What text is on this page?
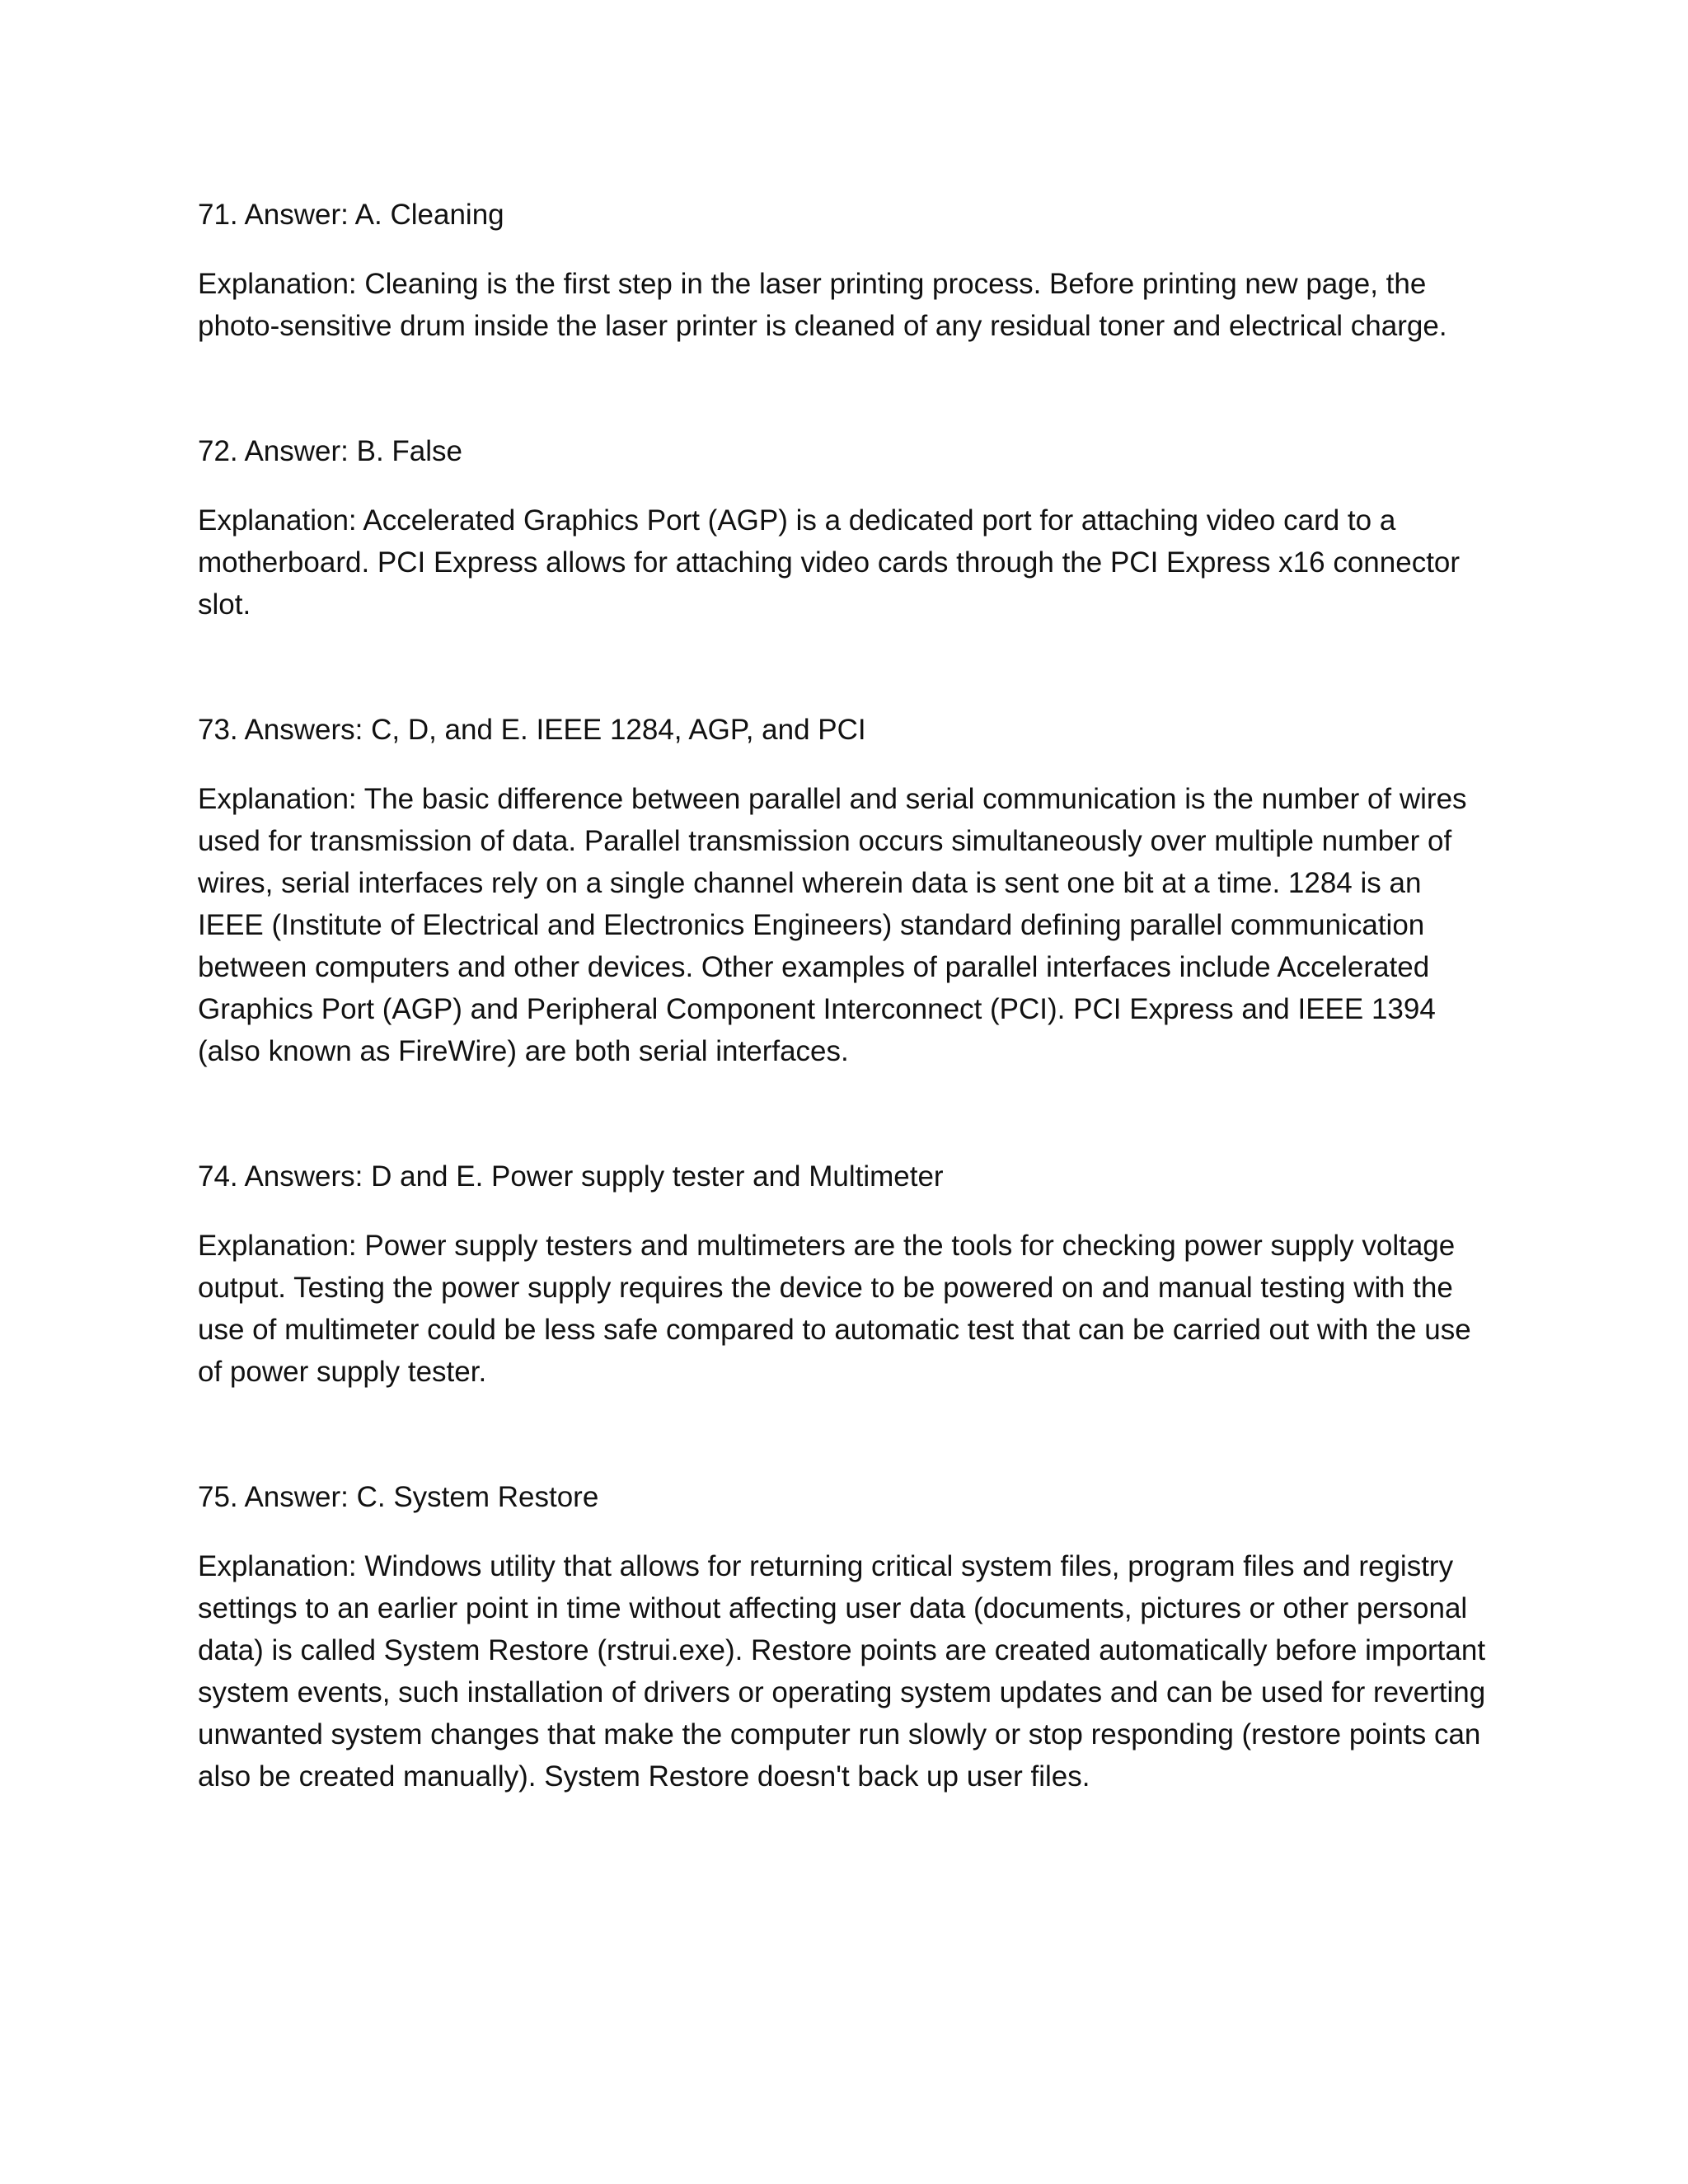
71. Answer: A. Cleaning

Explanation: Cleaning is the first step in the laser printing process. Before printing new page, the photo-sensitive drum inside the laser printer is cleaned of any residual toner and electrical charge.

72. Answer: B. False

Explanation: Accelerated Graphics Port (AGP) is a dedicated port for attaching video card to a motherboard. PCI Express allows for attaching video cards through the PCI Express x16 connector slot.

73. Answers: C, D, and E. IEEE 1284, AGP, and PCI

Explanation: The basic difference between parallel and serial communication is the number of wires used for transmission of data. Parallel transmission occurs simultaneously over multiple number of wires, serial interfaces rely on a single channel wherein data is sent one bit at a time. 1284 is an IEEE (Institute of Electrical and Electronics Engineers) standard defining parallel communication between computers and other devices. Other examples of parallel interfaces include Accelerated Graphics Port (AGP) and Peripheral Component Interconnect (PCI). PCI Express and IEEE 1394 (also known as FireWire) are both serial interfaces.

74. Answers: D and E. Power supply tester and Multimeter

Explanation: Power supply testers and multimeters are the tools for checking power supply voltage output. Testing the power supply requires the device to be powered on and manual testing with the use of multimeter could be less safe compared to automatic test that can be carried out with the use of power supply tester.

75. Answer: C. System Restore

Explanation: Windows utility that allows for returning critical system files, program files and registry settings to an earlier point in time without affecting user data (documents, pictures or other personal data) is called System Restore (rstrui.exe). Restore points are created automatically before important system events, such installation of drivers or operating system updates and can be used for reverting unwanted system changes that make the computer run slowly or stop responding (restore points can also be created manually). System Restore doesn't back up user files.
